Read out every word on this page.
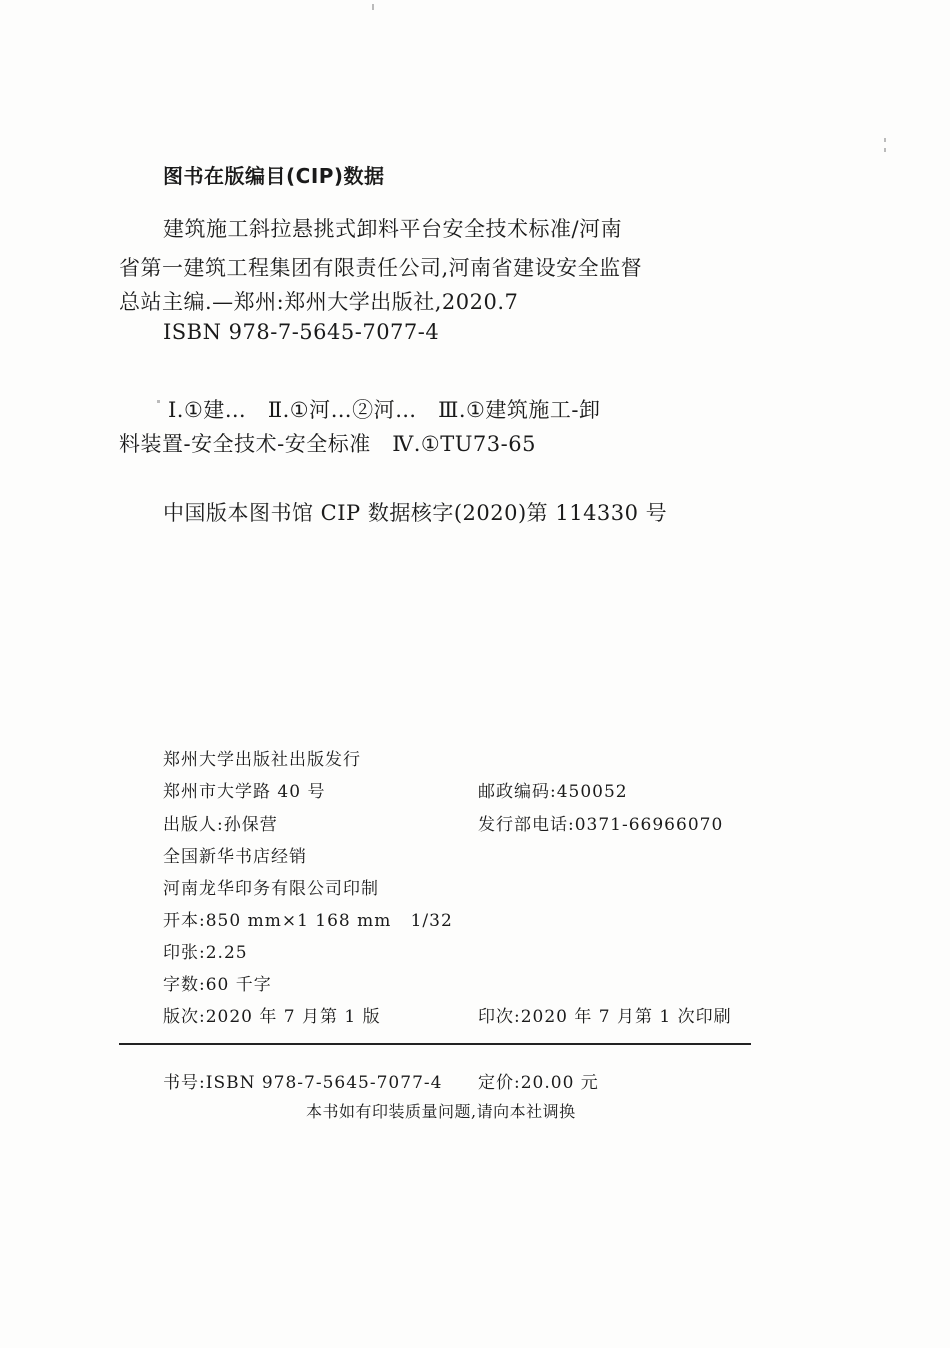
图书在版编目(CIP)数据
建筑施工斜拉悬挑式卸料平台安全技术标准/河南
省第一建筑工程集团有限责任公司,河南省建设安全监督
总站主编.—郑州:郑州大学出版社,2020.7
ISBN 978-7-5645-7077-4
Ⅰ.①建…   Ⅱ.①河…②河…   Ⅲ.①建筑施工-卸
料装置-安全技术-安全标准   Ⅳ.①TU73-65
中国版本图书馆 CIP 数据核字(2020)第 114330 号
郑州大学出版社出版发行
郑州市大学路 40 号	邮政编码:450052
出版人:孙保营	发行部电话:0371-66966070
全国新华书店经销
河南龙华印务有限公司印制
开本:850 mm×1 168 mm   1/32
印张:2.25
字数:60 千字
版次:2020 年 7 月第 1 版	印次:2020 年 7 月第 1 次印刷
书号:ISBN 978-7-5645-7077-4 定价:20.00 元
本书如有印装质量问题,请向本社调换
